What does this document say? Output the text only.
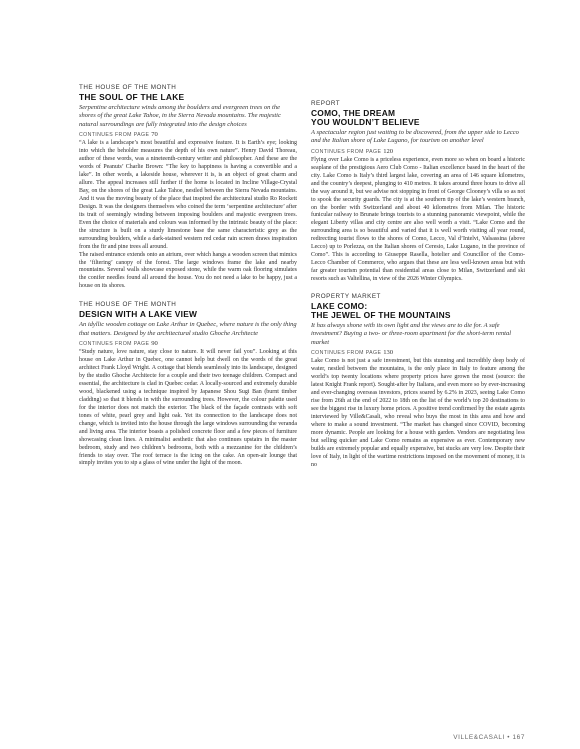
THE HOUSE OF THE MONTH
THE SOUL OF THE LAKE
Serpentine architecture winds among the boulders and evergreen trees on the shores of the great Lake Tahoe, in the Sierra Nevada mountains. The majestic natural surroundings are fully integrated into the design choices
CONTINUES FROM PAGE 70

“A lake is a landscape’s most beautiful and expressive feature. It is Earth’s eye; looking into which the beholder measures the depth of his own nature”. Henry David Thoreau, author of these words, was a nineteenth-century writer and philosopher. And these are the words of Peanuts’ Charlie Brown: “The key to happiness is having a convertible and a lake”. In other words, a lakeside house, wherever it is, is an object of great charm and allure. The appeal increases still further if the home is located in Incline Village-Crystal Bay, on the shores of the great Lake Tahoe, nestled between the Sierra Nevada mountains. And it was the moving beauty of the place that inspired the architectural studio Ro Rockett Design. It was the designers themselves who coined the term ‘serpentine architecture’ after its trait of seemingly winding between imposing boulders and majestic evergreen trees. Even the choice of materials and colours was informed by the intrinsic beauty of the place: the structure is built on a sturdy limestone base the same characteristic grey as the surrounding boulders, while a dark-stained western red cedar rain screen draws inspiration from the fir and pine trees all around.

The raised entrance extends onto an atrium, over which hangs a wooden screen that mimics the ‘filtering’ canopy of the forest. The large windows frame the lake and nearby mountains. Several walls showcase exposed stone, while the warm oak flooring simulates the conifer needles found all around the house. You do not need a lake to be happy, just a house on its shores.

THE HOUSE OF THE MONTH
DESIGN WITH A LAKE VIEW
An idyllic wooden cottage on Lake Arthur in Quebec, where nature is the only thing that matters. Designed by the architectural studio Ghoche Architecte
CONTINUES FROM PAGE 90

“Study nature, love nature, stay close to nature. It will never fail you”. Looking at this house on Lake Arthur in Quebec, one cannot help but dwell on the words of the great architect Frank Lloyd Wright. A cottage that blends seamlessly into its landscape, designed by the studio Ghoche Architecte for a couple and their two teenage children. Compact and essential, the architecture is clad in Quebec cedar. A locally-sourced and extremely durable wood, blackened using a technique inspired by Japanese Shou Sugi Ban (burnt timber cladding) so that it blends in with the surrounding trees. However, the colour palette used for the interior does not match the exterior. The black of the façade contrasts with soft tones of white, pearl grey and light oak. Yet its connection to the landscape does not change, which is invited into the house through the large windows surrounding the veranda and living area. The interior boasts a polished concrete floor and a few pieces of furniture showcasing clean lines. A minimalist aesthetic that also continues upstairs in the master bedroom, study and two children’s bedrooms, both with a mezzanine for the children’s friends to stay over. The roof terrace is the icing on the cake. An open-air lounge that simply invites you to sip a glass of wine under the light of the moon.

REPORT
COMO, THE DREAM
YOU WOULDN’T BELIEVE
A spectacular region just waiting to be discovered, from the upper side to Lecco and the Italian shore of Lake Lugano, for tourism on another level
CONTINUES FROM PAGE 120

Flying over Lake Como is a priceless experience, even more so when on board a historic seaplane of the prestigious Aero Club Como - Italian excellence based in the heart of the city. Lake Como is Italy’s third largest lake, covering an area of 146 square kilometres, and the country’s deepest, plunging to 410 metres. It takes around three hours to drive all the way around it, but we advise not stopping in front of George Clooney’s villa so as not to spook the security guards. The city is at the southern tip of the lake’s western branch, on the border with Switzerland and about 40 kilometres from Milan. The historic funicular railway to Brunate brings tourists to a stunning panoramic viewpoint, while the elegant Liberty villas and city centre are also well worth a visit. “Lake Como and the surrounding area is so beautiful and varied that it is well worth visiting all year round, redirecting tourist flows to the shores of Como, Lecco, Val d’Intelvi, Valsassina (above Lecco) up to Porlezza, on the Italian shores of Ceresio, Lake Lugano, in the province of Como”. This is according to Giuseppe Rasella, hotelier and Councillor of the Como-Lecco Chamber of Commerce, who argues that these are less well-known areas but with far greater tourism potential than residential areas close to Milan, Switzerland and ski resorts such as Valtellina, in view of the 2026 Winter Olympics.

PROPERTY MARKET
LAKE COMO:
THE JEWEL OF THE MOUNTAINS
It has always shone with its own light and the views are to die for. A safe investment? Buying a two- or three-room apartment for the short-term rental market
CONTINUES FROM PAGE 130

Lake Como is not just a safe investment, but this stunning and incredibly deep body of water, nestled between the mountains, is the only place in Italy to feature among the world’s top twenty locations where property prices have grown the most (source: the latest Knight Frank report). Sought-after by Italians, and even more so by ever-increasing and ever-changing overseas investors, prices soared by 6.2% in 2023, seeing Lake Como rise from 26th at the end of 2022 to 18th on the list of the world’s top 20 destinations to see the biggest rise in luxury home prices. A positive trend confirmed by the estate agents interviewed by Ville&Casali, who reveal who buys the most in this area and how and where to make a sound investment. “The market has changed since COVID, becoming more dynamic. People are looking for a house with garden. Vendors are negotiating less but selling quicker and Lake Como remains as expensive as ever. Contemporary new builds are extremely popular and equally expensive, but stucks are very low. Despite their love of Italy, in light of the wartime restrictions imposed on the movement of money, it is no

VILLE&CASALI • 167
